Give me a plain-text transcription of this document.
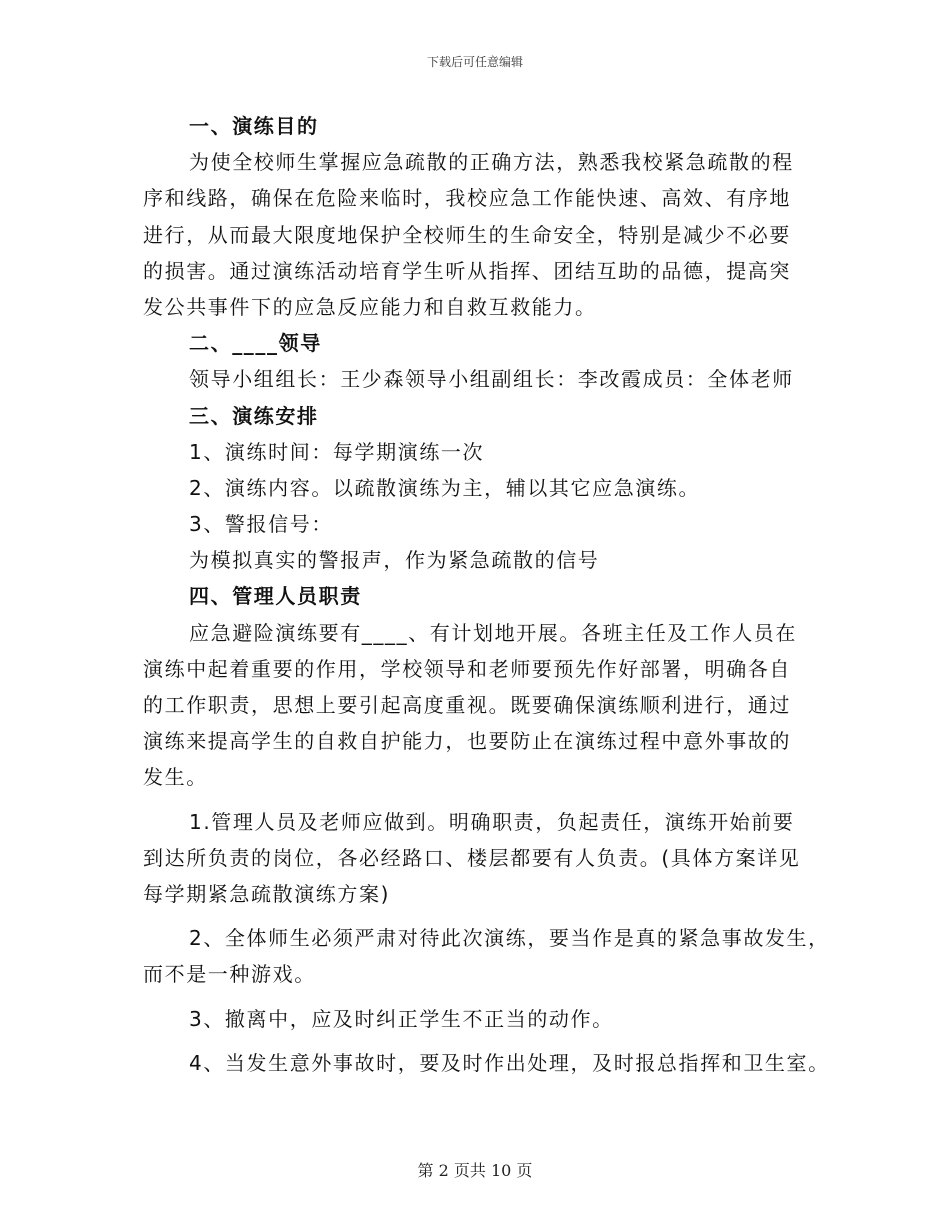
下载后可任意编辑
一、演练目的
为使全校师生掌握应急疏散的正确方法，熟悉我校紧急疏散的程
序和线路，确保在危险来临时，我校应急工作能快速、高效、有序地
进行，从而最大限度地保护全校师生的生命安全，特别是减少不必要
的损害。通过演练活动培育学生听从指挥、团结互助的品德，提高突
发公共事件下的应急反应能力和自救互救能力。
二、____领导
领导小组组长：王少森领导小组副组长：李改霞成员：全体老师
三、演练安排
1、演练时间：每学期演练一次
2、演练内容。以疏散演练为主，辅以其它应急演练。
3、警报信号：
为模拟真实的警报声，作为紧急疏散的信号
四、管理人员职责
应急避险演练要有____、有计划地开展。各班主任及工作人员在
演练中起着重要的作用，学校领导和老师要预先作好部署，明确各自
的工作职责，思想上要引起高度重视。既要确保演练顺利进行，通过
演练来提高学生的自救自护能力，也要防止在演练过程中意外事故的
发生。
1.管理人员及老师应做到。明确职责，负起责任，演练开始前要
到达所负责的岗位，各必经路口、楼层都要有人负责。(具体方案详见
每学期紧急疏散演练方案)
2、全体师生必须严肃对待此次演练，要当作是真的紧急事故发生，
而不是一种游戏。
3、撤离中，应及时纠正学生不正当的动作。
4、当发生意外事故时，要及时作出处理，及时报总指挥和卫生室。
第 2 页共 10 页
